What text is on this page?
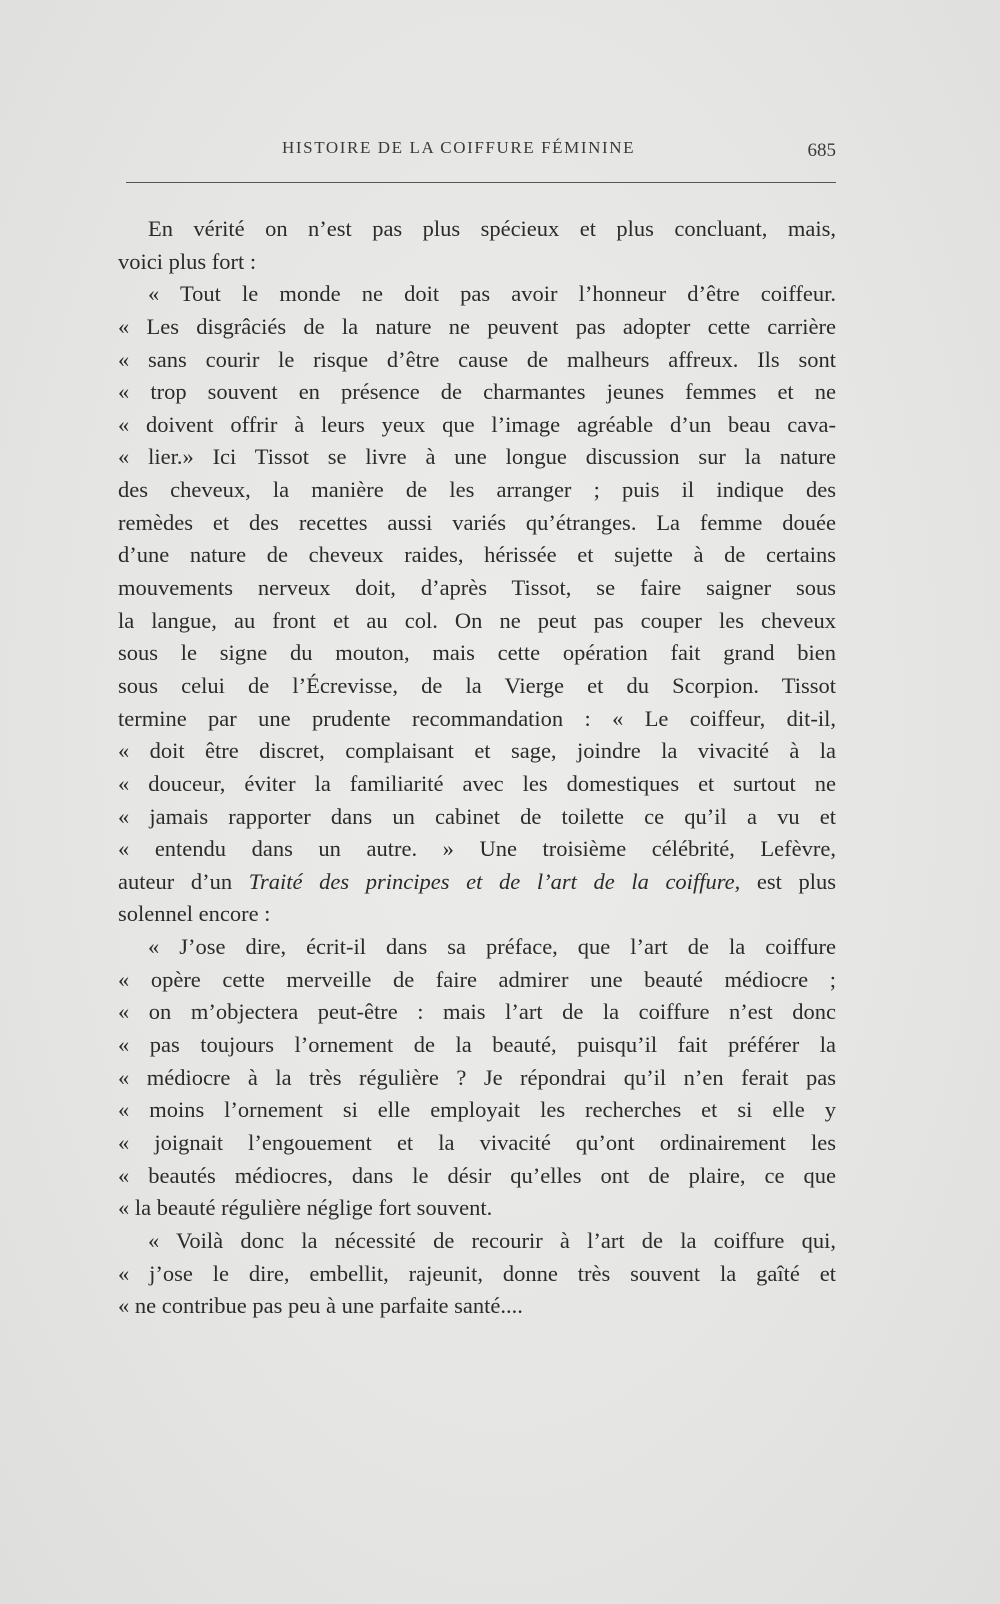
HISTOIRE DE LA COIFFURE FÉMININE	685
En vérité on n’est pas plus spécieux et plus concluant, mais,
voici plus fort :
« Tout le monde ne doit pas avoir l’honneur d’être coiffeur.
« Les disgrâciés de la nature ne peuvent pas adopter cette carrière
« sans courir le risque d’être cause de malheurs affreux. Ils sont
« trop souvent en présence de charmantes jeunes femmes et ne
« doivent offrir à leurs yeux que l’image agréable d’un beau cava-
« lier.» Ici Tissot se livre à une longue discussion sur la nature
des cheveux, la manière de les arranger ; puis il indique des
remèdes et des recettes aussi variés qu’étranges. La femme douée
d’une nature de cheveux raides, hérissée et sujette à de certains
mouvements nerveux doit, d’après Tissot, se faire saigner sous
la langue, au front et au col. On ne peut pas couper les cheveux
sous le signe du mouton, mais cette opération fait grand bien
sous celui de l’Écrevisse, de la Vierge et du Scorpion. Tissot
termine par une prudente recommandation : « Le coiffeur, dit-il,
« doit être discret, complaisant et sage, joindre la vivacité à la
« douceur, éviter la familiarité avec les domestiques et surtout ne
« jamais rapporter dans un cabinet de toilette ce qu’il a vu et
« entendu dans un autre. » Une troisième célébrité, Lefèvre,
auteur d’un Traité des principes et de l’art de la coiffure, est plus
solennel encore :
« J’ose dire, écrit-il dans sa préface, que l’art de la coiffure
« opère cette merveille de faire admirer une beauté médiocre ;
« on m’objectera peut-être : mais l’art de la coiffure n’est donc
« pas toujours l’ornement de la beauté, puisqu’il fait préférer la
« médiocre à la très régulière ? Je répondrai qu’il n’en ferait pas
« moins l’ornement si elle employait les recherches et si elle y
« joignait l’engouement et la vivacité qu’ont ordinairement les
« beautés médiocres, dans le désir qu’elles ont de plaire, ce que
« la beauté régulière néglige fort souvent.
« Voilà donc la nécessité de recourir à l’art de la coiffure qui,
« j’ose le dire, embellit, rajeunit, donne très souvent la gaîté et
« ne contribue pas peu à une parfaite santé....
